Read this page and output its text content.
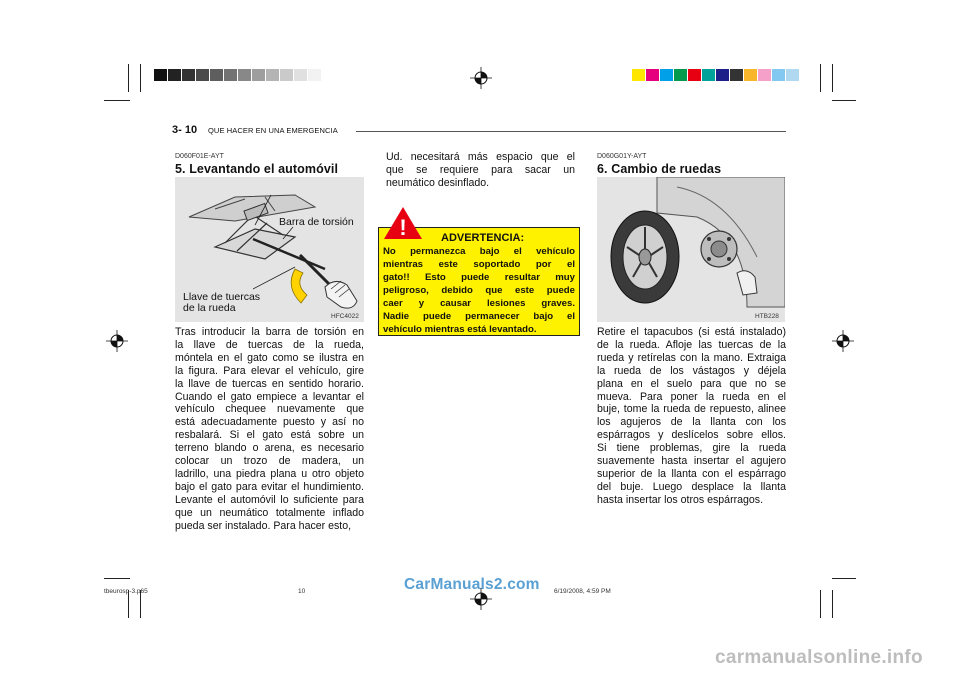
3- 10 QUE HACER EN UNA EMERGENCIA
D060F01E-AYT
5. Levantando el automóvil
Barra de torsión
Llave de tuercas
de la rueda
HFC4022
Tras introducir la barra de torsión en
la llave de tuercas de la rueda,
móntela en el gato como se ilustra en
la figura. Para elevar el vehículo, gire
la llave de tuercas en sentido horario.
Cuando el gato empiece a levantar el
vehículo chequee nuevamente que
está adecuadamente puesto y así no
resbalará. Si el gato está sobre un
terreno blando o arena, es necesario
colocar un trozo de madera, un
ladrillo, una piedra plana u otro objeto
bajo el gato para evitar el hundimiento.
Levante el automóvil lo suficiente para
que un neumático totalmente inflado
pueda ser instalado. Para hacer esto,
Ud. necesitará más espacio que el
que se requiere para sacar un
neumático desinflado.
ADVERTENCIA:
No permanezca bajo el vehículo
mientras este soportado por el
gato!! Esto puede resultar muy
peligroso, debido que este puede
caer y causar lesiones graves.
Nadie puede permanecer bajo el
vehículo mientras está levantado.
!
D060G01Y-AYT
6. Cambio de ruedas
HTB228
Retire el tapacubos (si está instalado)
de la rueda. Afloje las tuercas de la
rueda y retírelas con la mano. Extraiga
la rueda de los vástagos y déjela
plana en el suelo para que no se
mueva. Para poner la rueda en el
buje, tome la rueda de repuesto, alinee
los agujeros de la llanta con los
espárragos y deslícelos sobre ellos.
Si tiene problemas, gire la rueda
suavemente hasta insertar el agujero
superior de la llanta con el espárrago
del buje. Luego desplace la llanta
hasta insertar los otros espárragos.
tbeurosp-3.p65	10	6/19/2008, 4:59 PM
CarManuals2.com
carmanualsonline.info
